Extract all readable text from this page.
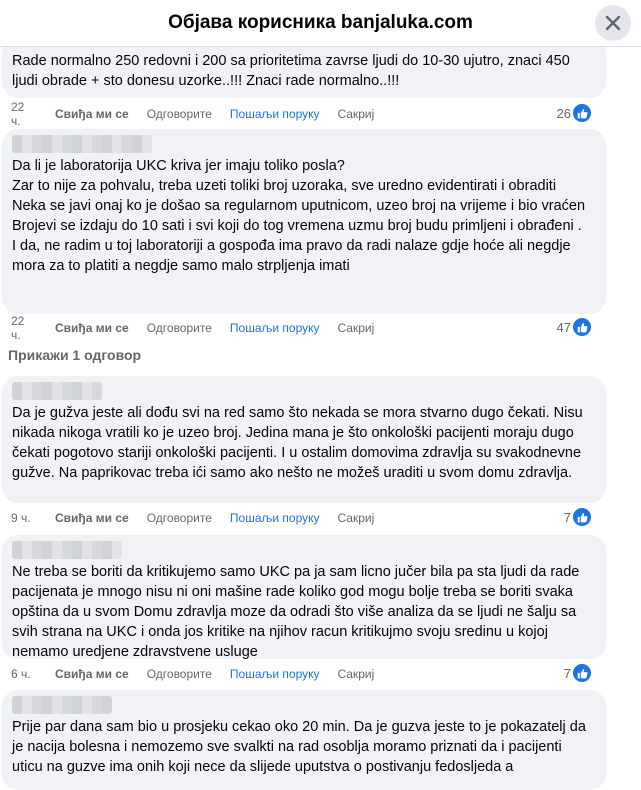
Rade normalno 250 redovni i 200 sa prioritetima zavrse ljudi do 10-30 ujutro, znaci 450 ljudi obrade + sto donesu uzorke..!!! Znaci rade normalno..!!!
22 ч.	Свиђа ми се Одговорите Пошаљи поруку Сакриј	26
Da li je laboratorija UKC kriva jer imaju toliko posla?
Zar to nije za pohvalu, treba uzeti toliki broj uzoraka, sve uredno evidentirati i obraditi
Neka se javi onaj ko je došao sa regularnom uputnicom, uzeo broj na vrijeme i bio vraćen
Brojevi se izdaju do 10 sati i svi koji do tog vremena uzmu broj budu primljeni i obrađeni .
I da, ne radim u toj laboratoriji a gospođa ima pravo da radi nalaze gdje hoće ali negdje mora za to platiti a negdje samo malo strpljenja imati
22 ч.	Свиђа ми се Одговорите Пошаљи поруку Сакриј	47
Прикажи 1 одговор
Da je gužva jeste ali dođu svi na red samo što nekada se mora stvarno dugo čekati. Nisu nikada nikoga vratili ko je uzeo broj. Jedina mana je što onkološki pacijenti moraju dugo čekati pogotovo stariji onkološki pacijenti. I u ostalim domovima zdravlja su svakodnevne gužve. Na paprikovac treba ići samo ako nešto ne možeš uraditi u svom domu zdravlja.
9 ч.	Свиђа ми се Одговорите Пошаљи поруку Сакриј	7
Ne treba se boriti da kritikujemo samo UKC pa ja sam licno jučer bila pa sta ljudi da rade pacijenata je mnogo nisu ni oni mašine rade koliko god mogu bolje treba se boriti svaka opština da u svom Domu zdravlja moze da odradi što više analiza da se ljudi ne šalju sa svih strana na UKC i onda jos kritike na njihov racun kritikujmo svoju sredinu u kojoj nemamo uredjene zdravstvene usluge
6 ч.	Свиђа ми се Одговорите Пошаљи поруку Сакриј	7
Prije par dana sam bio u prosjeku cekao oko 20 min. Da je guzva jeste to je pokazatelj da je nacija bolesna i nemozemo sve svalkti na rad osoblja moramo priznati da i pacijenti uticu na guzve ima onih koji nece da slijede uputstva o postivanju fedosljeda a
Објава корисника banjaluka.com
